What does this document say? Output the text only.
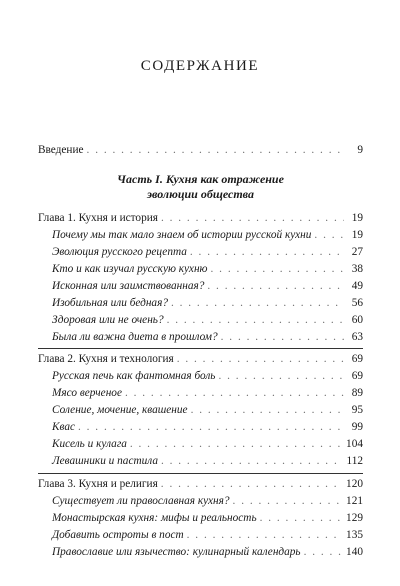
СОДЕРЖАНИЕ
Введение . . .	9
Часть I. Кухня как отражение
эволюции общества
Глава 1. Кухня и история . . .	19
Почему мы так мало знаем об истории русской кухни . . .	19
Эволюция русского рецепта . . .	27
Кто и как изучал русскую кухню . . .	38
Исконная или заимствованная? . . .	49
Изобильная или бедная? . . .	56
Здоровая или не очень? . . .	60
Была ли важна диета в прошлом? . . .	63
Глава 2. Кухня и технология . . .	69
Русская печь как фантомная боль . . .	69
Мясо верченое . . .	89
Соление, мочение, квашение . . .	95
Квас . . .	99
Кисель и кулага . . .	104
Левашники и пастила . . .	112
Глава 3. Кухня и религия . . .	120
Существует ли православная кухня? . . .	121
Монастырская кухня: мифы и реальность . . .	129
Добавить остроты в пост . . .	135
Православие или язычество: кулинарный календарь . . .	140
